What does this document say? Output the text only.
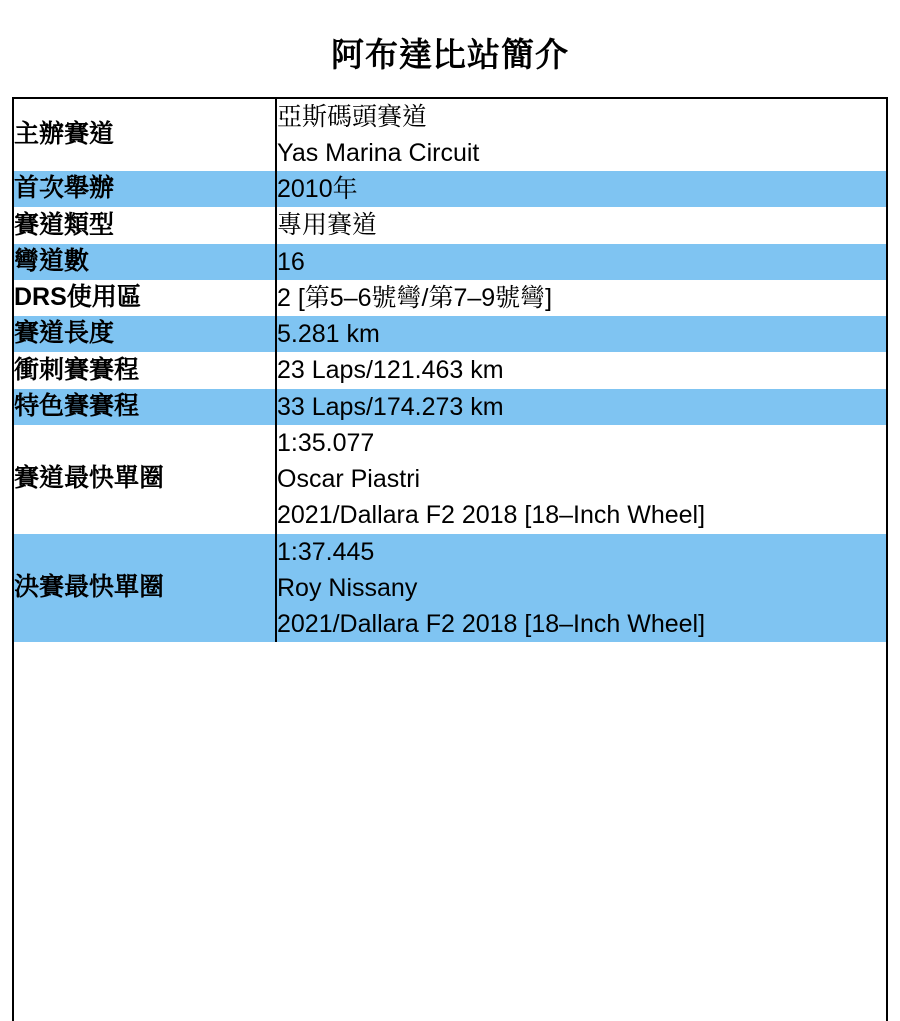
阿布達比站簡介
主辦賽道	亞斯碼頭賽道
Yas Marina Circuit

首次舉辦	2010年

賽道類型	專用賽道

彎道數	16

DRS使用區	2 [第5–6號彎/第7–9號彎]

賽道長度	5.281 km

衝刺賽賽程	23 Laps/121.463 km

特色賽賽程	33 Laps/174.273 km

賽道最快單圈	1:35.077
Oscar Piastri
2021/Dallara F2 2018 [18–Inch Wheel]

決賽最快單圈	1:37.445
Roy Nissany
2021/Dallara F2 2018 [18–Inch Wheel]
